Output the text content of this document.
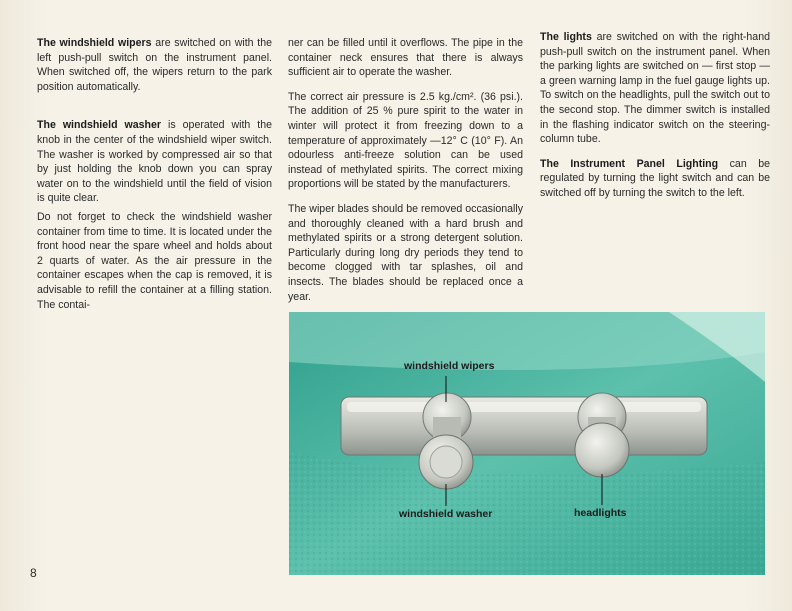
The windshield wipers are switched on with the left push-pull switch on the instrument panel. When switched off, the wipers return to the park position automatically.

The windshield washer is operated with the knob in the center of the windshield wiper switch. The washer is worked by compressed air so that by just holding the knob down you can spray water on to the windshield until the field of vision is quite clear.

Do not forget to check the windshield washer container from time to time. It is located under the front hood near the spare wheel and holds about 2 quarts of water. As the air pressure in the container escapes when the cap is removed, it is advisable to refill the container at a filling station. The contai-

ner can be filled until it overflows. The pipe in the container neck ensures that there is always sufficient air to operate the washer.

The correct air pressure is 2.5 kg./cm². (36 psi.). The addition of 25 % pure spirit to the water in winter will protect it from freezing down to a temperature of approximately —12° C (10° F). An odourless anti-freeze solution can be used instead of methylated spirits. The correct mixing proportions will be stated by the manufacturers.

The wiper blades should be removed occasionally and thoroughly cleaned with a hard brush and methylated spirits or a strong detergent solution. Particularly during long dry periods they tend to become clogged with tar splashes, oil and insects. The blades should be replaced once a year.

The lights are switched on with the right-hand push-pull switch on the instrument panel. When the parking lights are switched on — first stop — a green warning lamp in the fuel gauge lights up. To switch on the headlights, pull the switch out to the second stop. The dimmer switch is installed in the flashing indicator switch on the steering-column tube.

The Instrument Panel Lighting can be regulated by turning the light switch and can be switched off by turning the switch to the left.

windshield wipers
windshield washer	headlights
8
